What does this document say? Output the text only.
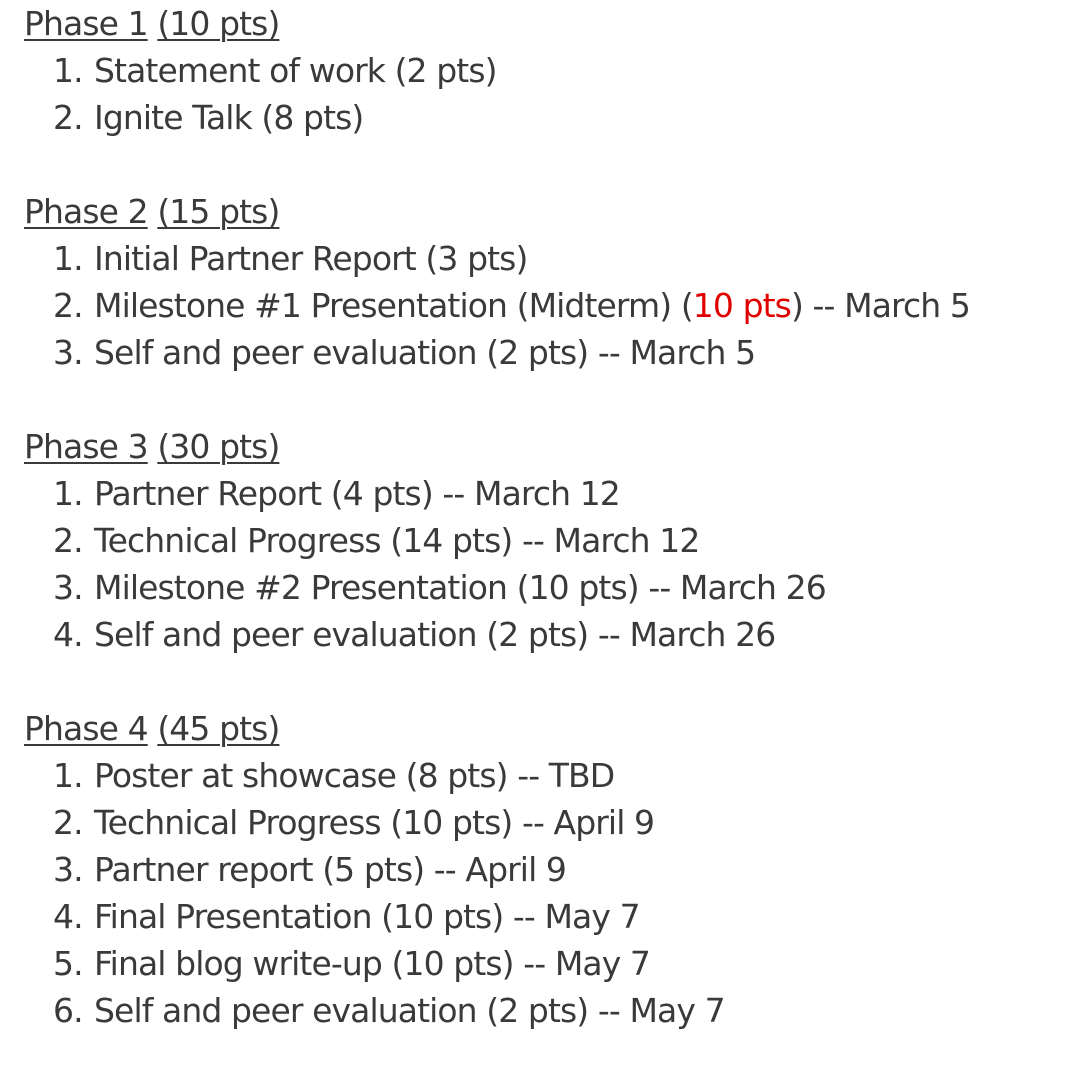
Phase 1 (10 pts)
1. Statement of work (2 pts)
2. Ignite Talk (8 pts)
Phase 2 (15 pts)
1. Initial Partner Report (3 pts)
2. Milestone #1 Presentation (Midterm) (10 pts) -- March 5
3. Self and peer evaluation (2 pts) -- March 5
Phase 3 (30 pts)
1. Partner Report (4 pts) -- March 12
2. Technical Progress (14 pts) -- March 12
3. Milestone #2 Presentation (10 pts) -- March 26
4. Self and peer evaluation (2 pts) -- March 26
Phase 4 (45 pts)
1. Poster at showcase (8 pts) -- TBD
2. Technical Progress (10 pts) -- April 9
3. Partner report (5 pts) -- April 9
4. Final Presentation (10 pts) -- May 7
5. Final blog write-up (10 pts) -- May 7
6. Self and peer evaluation (2 pts) -- May 7
